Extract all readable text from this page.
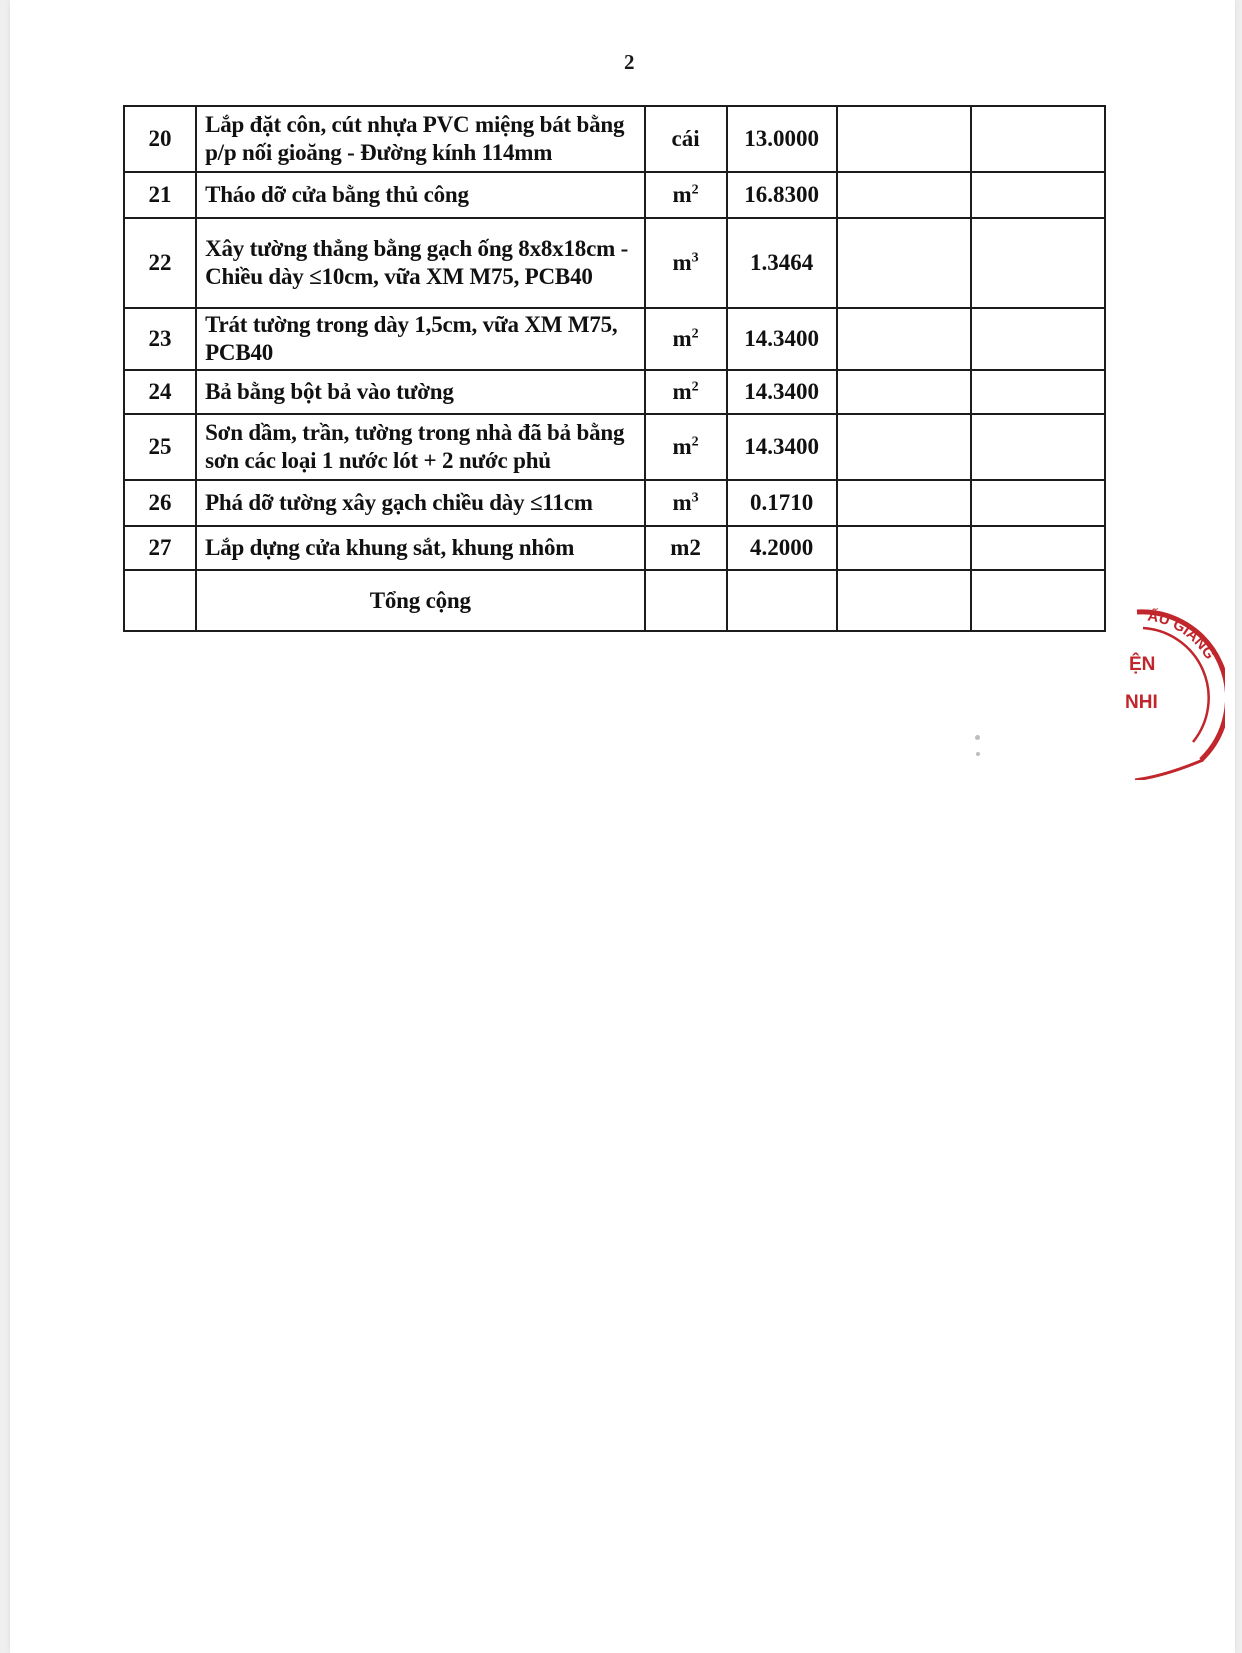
2
20	Lắp đặt côn, cút nhựa PVC miệng bát bằng p/p nối gioăng - Đường kính 114mm	cái	13.0000		
21	Tháo dỡ cửa bằng thủ công	$m^2$	16.8300		
22	Xây tường thẳng bằng gạch ống 8x8x18cm - Chiều dày ≤10cm, vữa XM M75, PCB40	$m^3$	1.3464		
23	Trát tường trong dày 1,5cm, vữa XM M75, PCB40	$m^2$	14.3400		
24	Bả bằng bột bả vào tường	$m^2$	14.3400		
25	Sơn dầm, trần, tường trong nhà đã bả bằng sơn các loại 1 nước lót + 2 nước phủ	$m^2$	14.3400		
26	Phá dỡ tường xây gạch chiều dày ≤11cm	$m^3$	0.1710		
27	Lắp dựng cửa khung sắt, khung nhôm	m2	4.2000		
	Tổng cộng				
ẤU GIANG
ỆN
NHI
